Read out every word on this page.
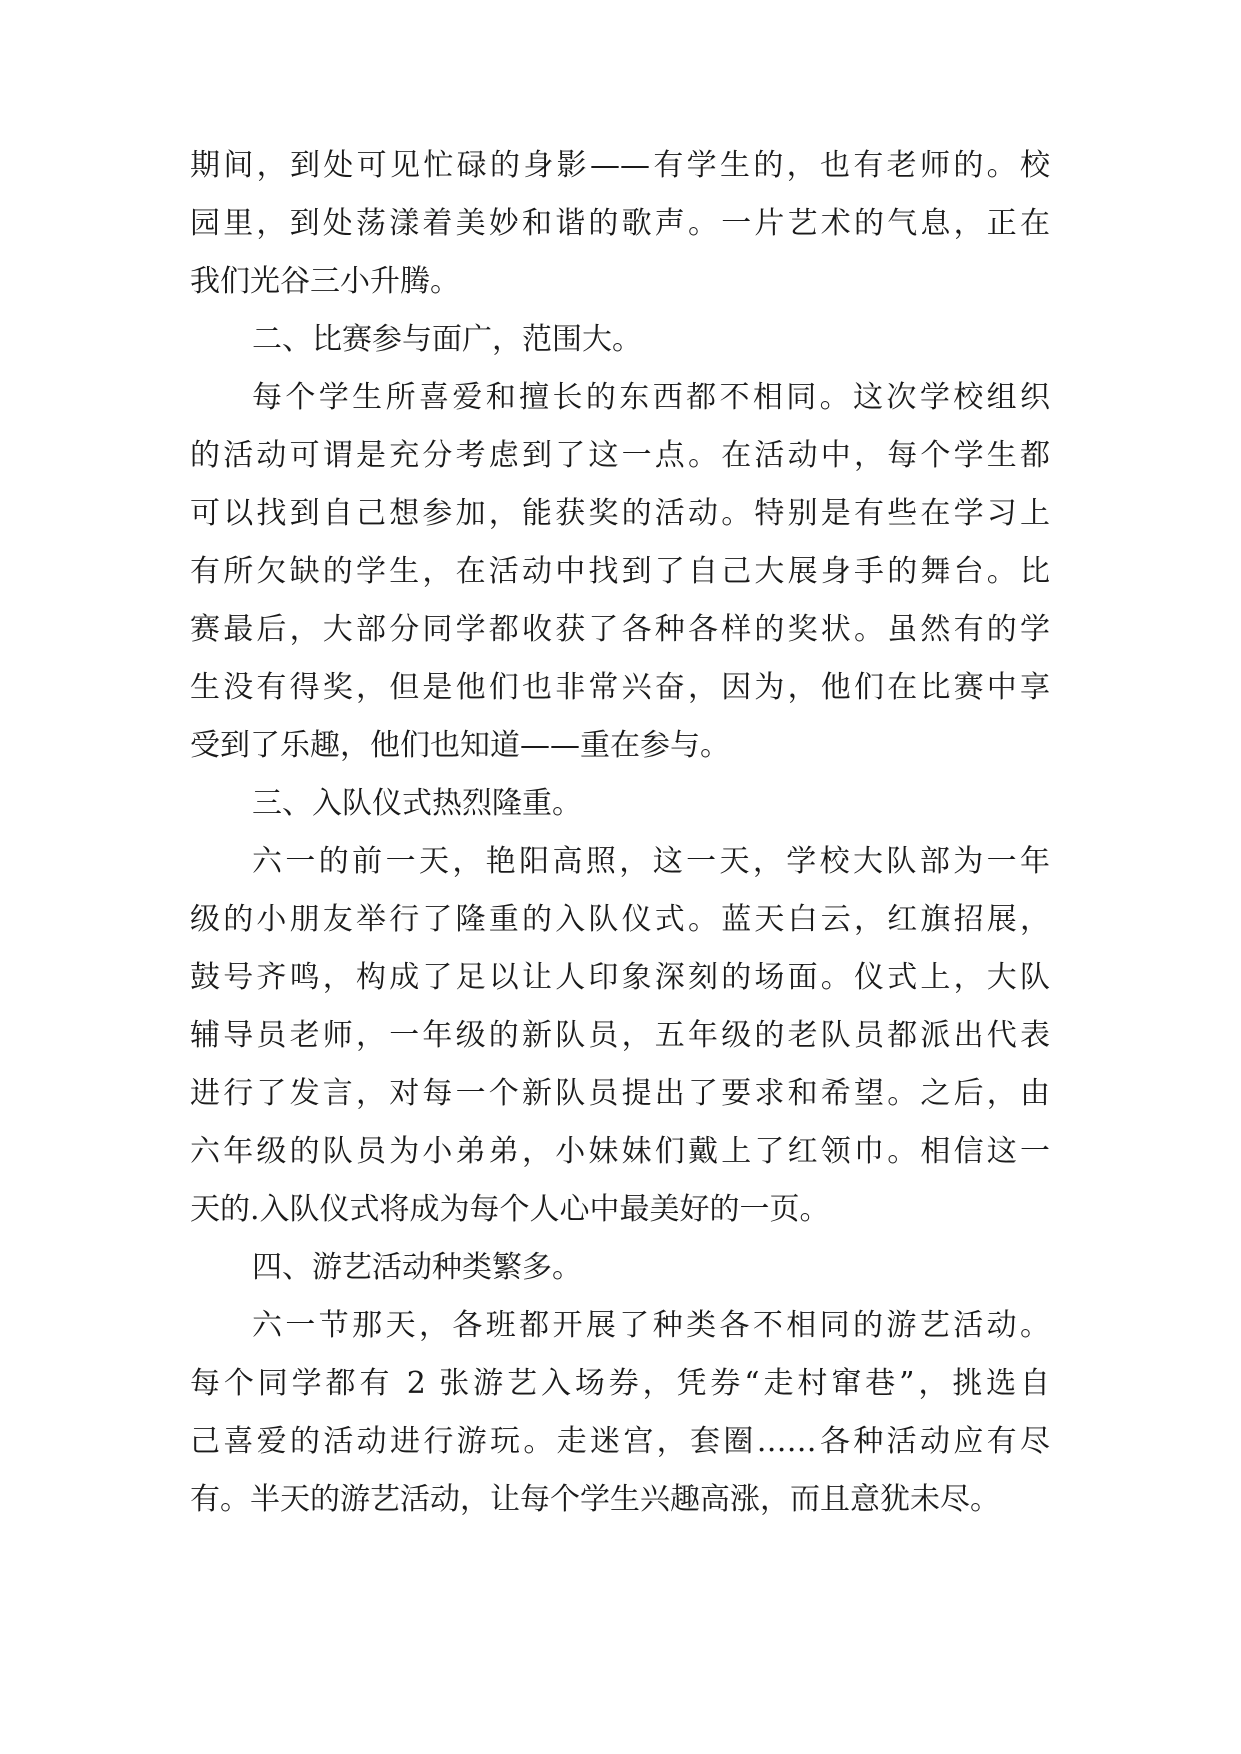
期间，到处可见忙碌的身影——有学生的，也有老师的。校
园里，到处荡漾着美妙和谐的歌声。一片艺术的气息，正在
我们光谷三小升腾。
二、比赛参与面广，范围大。
每个学生所喜爱和擅长的东西都不相同。这次学校组织
的活动可谓是充分考虑到了这一点。在活动中，每个学生都
可以找到自己想参加，能获奖的活动。特别是有些在学习上
有所欠缺的学生，在活动中找到了自己大展身手的舞台。比
赛最后，大部分同学都收获了各种各样的奖状。虽然有的学
生没有得奖，但是他们也非常兴奋，因为，他们在比赛中享
受到了乐趣，他们也知道——重在参与。
三、入队仪式热烈隆重。
六一的前一天，艳阳高照，这一天，学校大队部为一年
级的小朋友举行了隆重的入队仪式。蓝天白云，红旗招展，
鼓号齐鸣，构成了足以让人印象深刻的场面。仪式上，大队
辅导员老师，一年级的新队员，五年级的老队员都派出代表
进行了发言，对每一个新队员提出了要求和希望。之后，由
六年级的队员为小弟弟，小妹妹们戴上了红领巾。相信这一
天的.入队仪式将成为每个人心中最美好的一页。
四、游艺活动种类繁多。
六一节那天，各班都开展了种类各不相同的游艺活动。
每个同学都有 2 张游艺入场券，凭券“走村窜巷”，挑选自
己喜爱的活动进行游玩。走迷宫，套圈……各种活动应有尽
有。半天的游艺活动，让每个学生兴趣高涨，而且意犹未尽。
